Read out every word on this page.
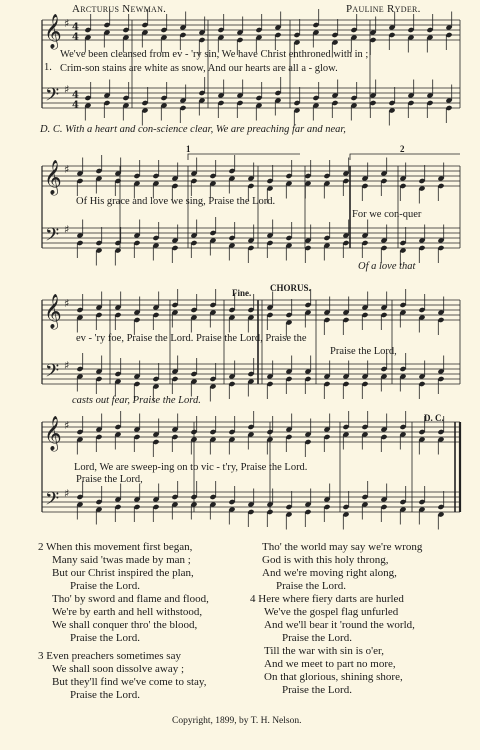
𝄞
𝄢
𝄞
𝄢
𝄞
𝄢
𝄞
𝄢
♯
♯
4
4
4
4
♯
♯
♯
♯
♯
♯
Arcturus Newman.	Pauline Ryder.
1.
We've been cleansed from ev - 'ry sin, We have Christ enthroned with in ;
Crim-son stains are white as snow, And our hearts are all a - glow.
D. C. With a heart and con-science clear, We are preaching far and near,
1	2
Of His grace and love we sing, Praise the Lord.
For we con-quer
Of a love that
Fine. CHORUS.
ev - 'ry foe, Praise the Lord. Praise the Lord, Praise the
Praise the Lord,
casts out fear, Praise the Lord.
D. C.
Lord, We are sweep-ing on to vic - t'ry, Praise the Lord.
Praise the Lord,
2 When this movement first began,
Many said 'twas made by man ;
But our Christ inspired the plan,
Praise the Lord.
Tho' by sword and flame and flood,
We're by earth and hell withstood,
We shall conquer thro' the blood,
Praise the Lord.
3 Even preachers sometimes say
We shall soon dissolve away ;
But they'll find we've come to stay,
Praise the Lord.
Tho' the world may say we're wrong
God is with this holy throng,
And we're moving right along,
Praise the Lord.
4 Here where fiery darts are hurled
We've the gospel flag unfurled
And we'll bear it 'round the world,
Praise the Lord.
Till the war with sin is o'er,
And we meet to part no more,
On that glorious, shining shore,
Praise the Lord.
Copyright, 1899, by T. H. Nelson.
